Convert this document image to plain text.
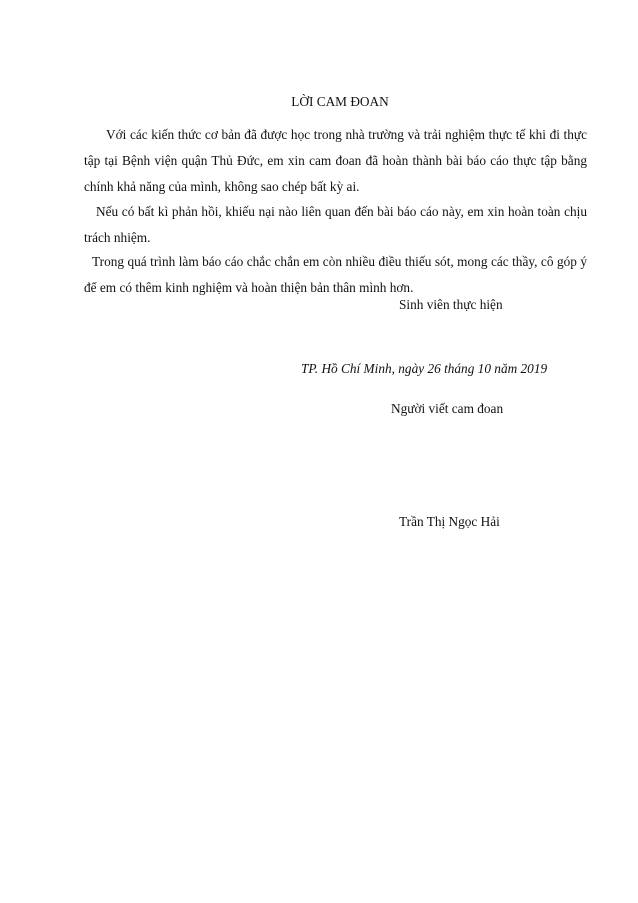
LỜI CAM ĐOAN

Với các kiến thức cơ bản đã được học trong nhà trường và trải nghiệm thực tế khi đi thực tập tại Bệnh viện quận Thủ Đức, em xin cam đoan đã hoàn thành bài báo cáo thực tập bằng chính khả năng của mình, không sao chép bất kỳ ai.

Nếu có bất kì phản hồi, khiếu nại nào liên quan đến bài báo cáo này, em xin hoàn toàn chịu trách nhiệm.

Trong quá trình làm báo cáo chắc chắn em còn nhiều điều thiếu sót, mong các thầy, cô góp ý để em có thêm kinh nghiệm và hoàn thiện bản thân mình hơn.

Sinh viên thực hiện
TP. Hồ Chí Minh, ngày 26 tháng 10 năm 2019
Người viết cam đoan
Trần Thị Ngọc Hải
